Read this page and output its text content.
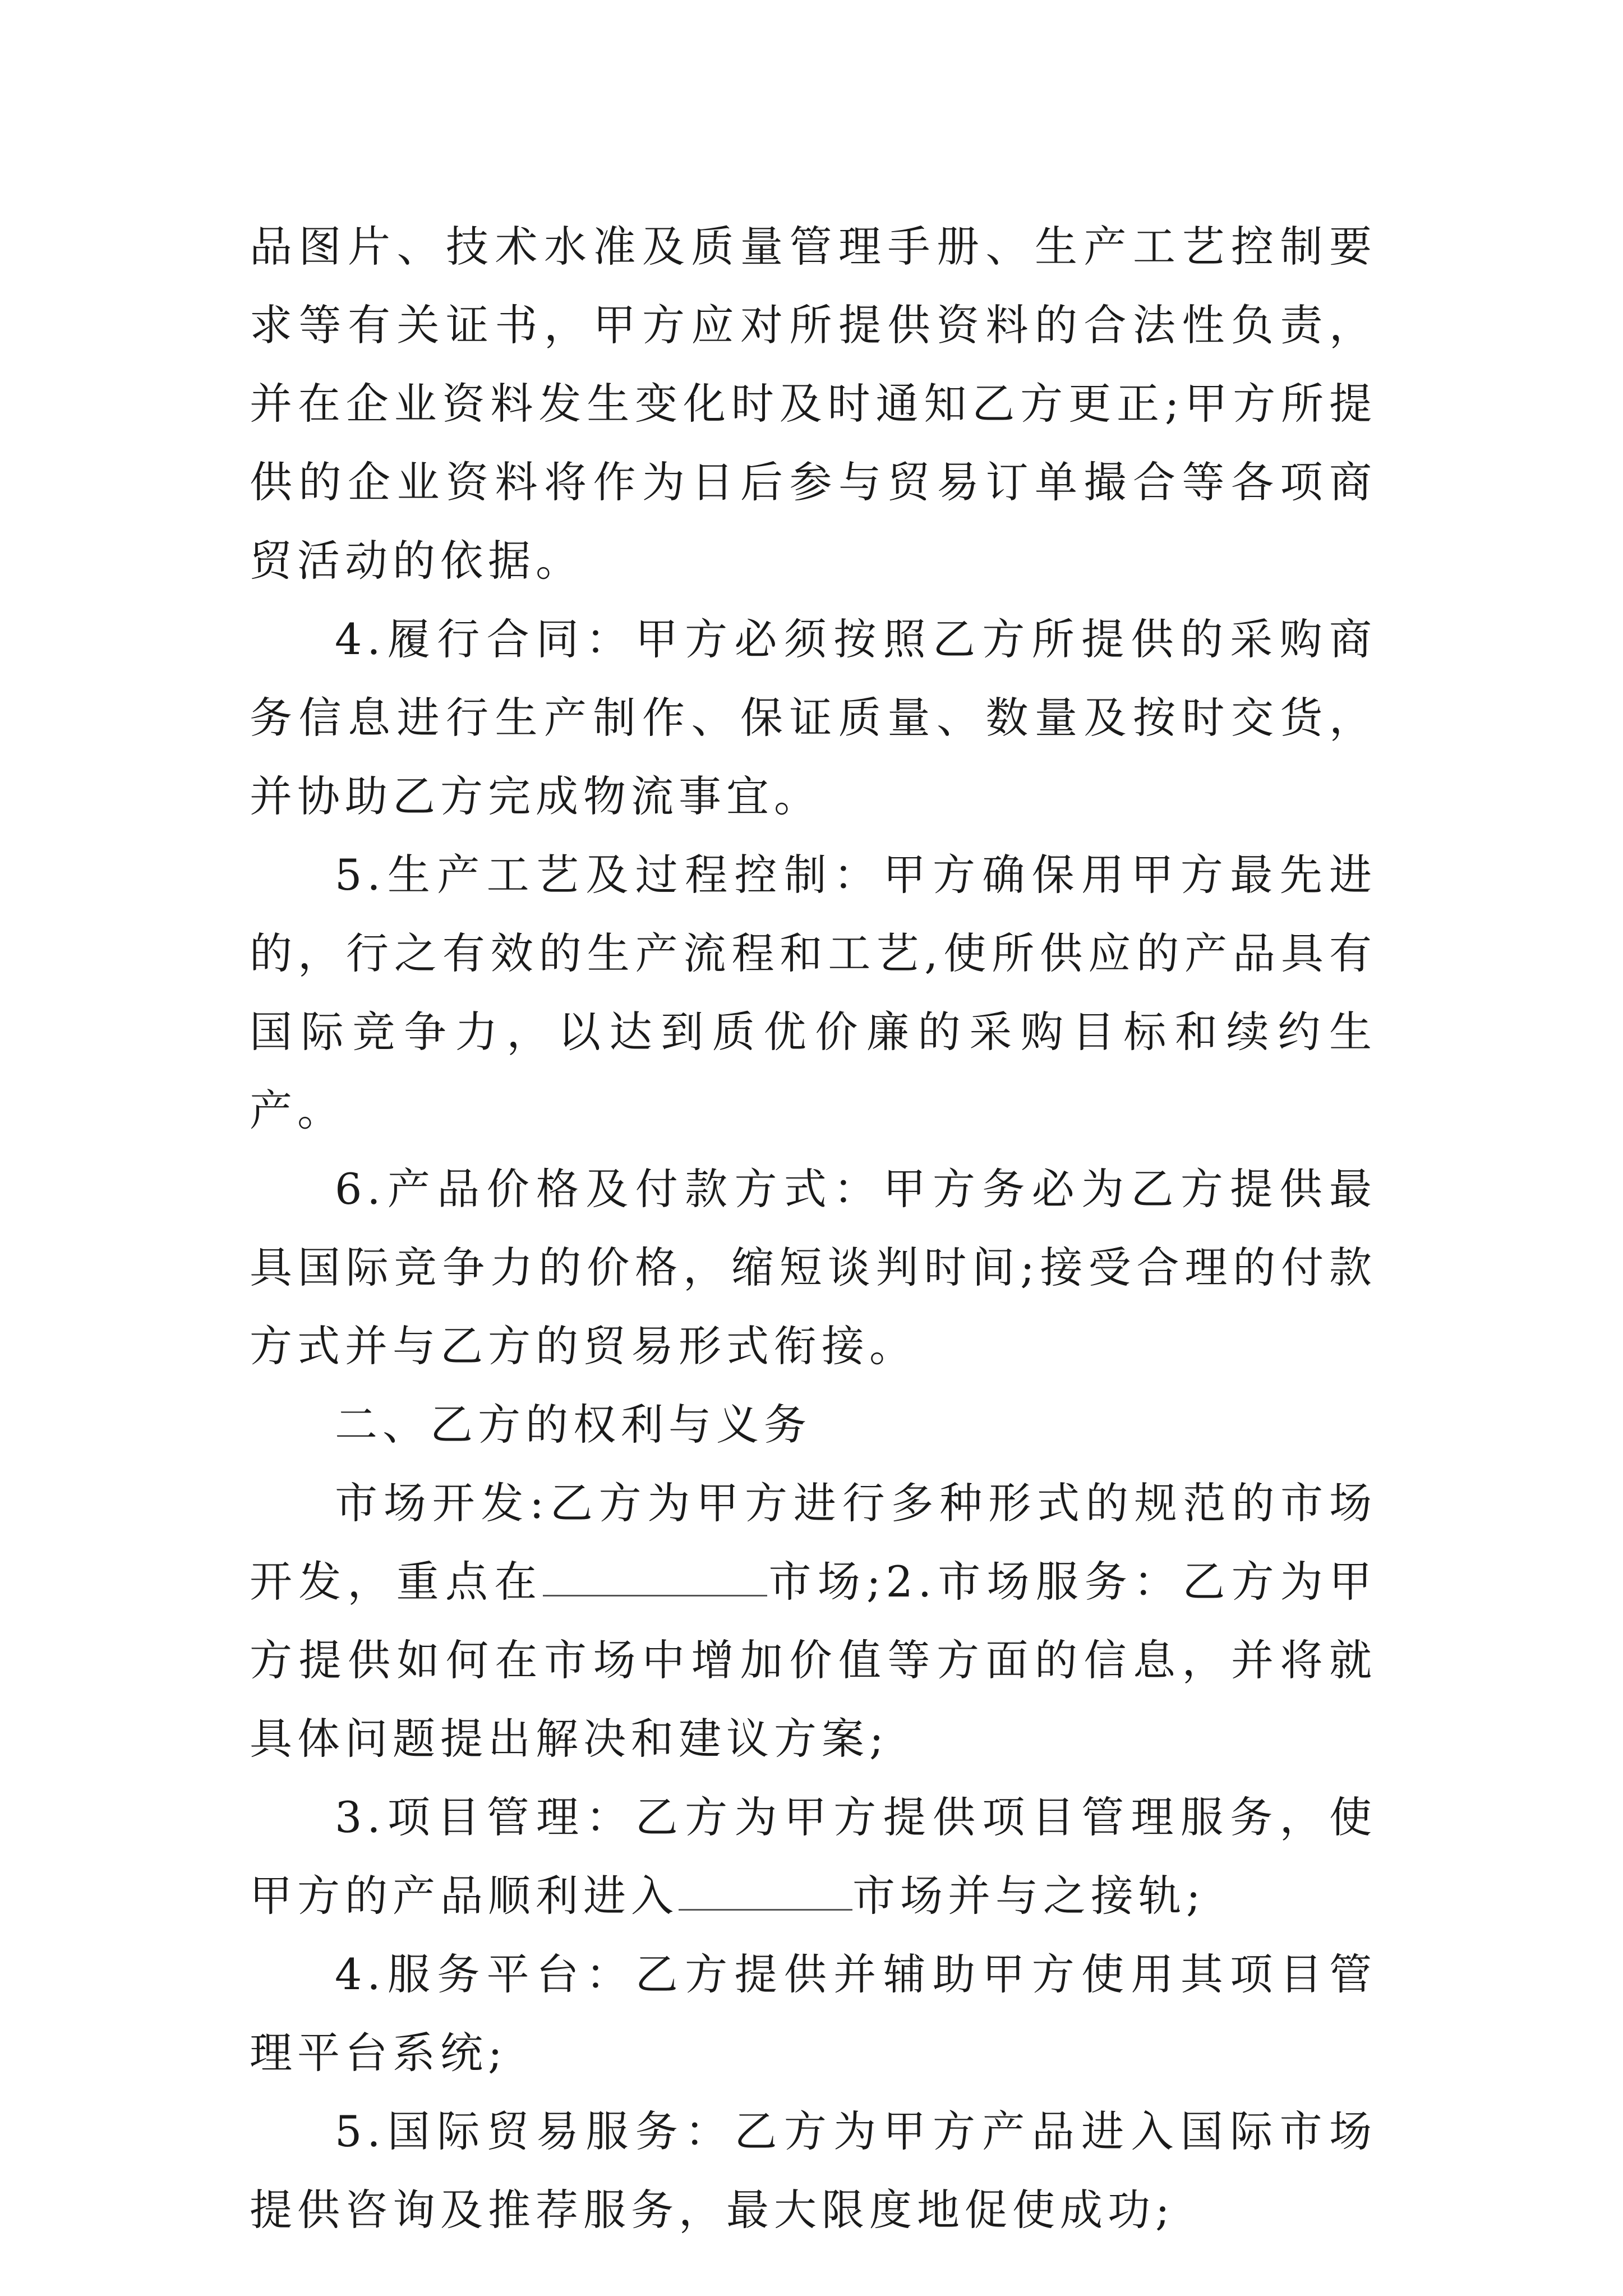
品图片、技术水准及质量管理手册、生产工艺控制要求等有关证书，甲方应对所提供资料的合法性负责，并在企业资料发生变化时及时通知乙方更正;甲方所提供的企业资料将作为日后参与贸易订单撮合等各项商贸活动的依据。

4.履行合同：甲方必须按照乙方所提供的采购商务信息进行生产制作、保证质量、数量及按时交货，并协助乙方完成物流事宜。

5.生产工艺及过程控制：甲方确保用甲方最先进的，行之有效的生产流程和工艺,使所供应的产品具有国际竞争力，以达到质优价廉的采购目标和续约生产。

6.产品价格及付款方式：甲方务必为乙方提供最具国际竞争力的价格，缩短谈判时间;接受合理的付款方式并与乙方的贸易形式衔接。

二、乙方的权利与义务

市场开发:乙方为甲方进行多种形式的规范的市场开发，重点在	市场;2.市场服务：乙方为甲方提供如何在市场中增加价值等方面的信息，并将就具体问题提出解决和建议方案;

3.项目管理：乙方为甲方提供项目管理服务，使甲方的产品顺利进入	市场并与之接轨;

4.服务平台：乙方提供并辅助甲方使用其项目管理平台系统;

5.国际贸易服务：乙方为甲方产品进入国际市场提供咨询及推荐服务，最大限度地促使成功;
